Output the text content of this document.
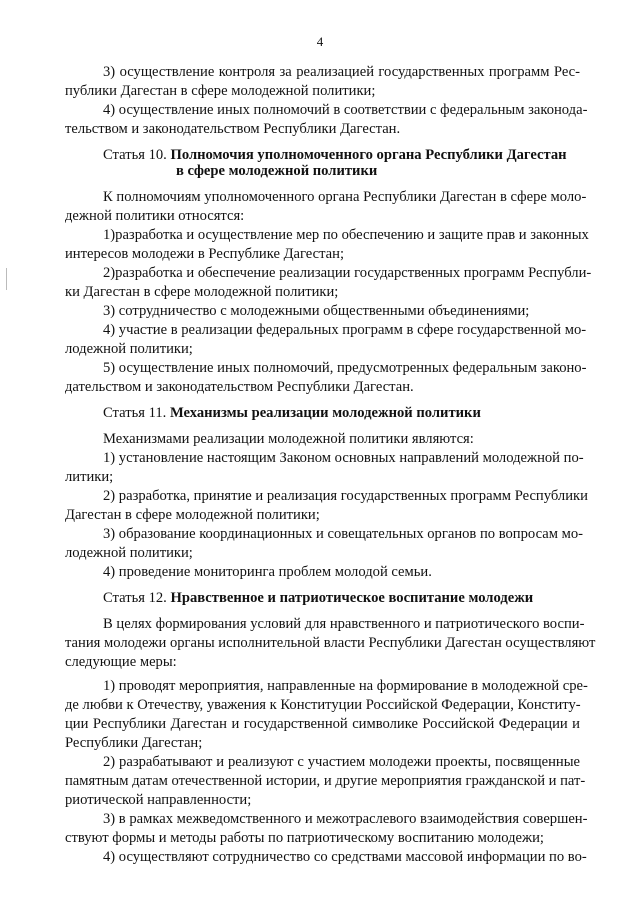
4
3) осуществление контроля за реализацией государственных программ Рес-
публики Дагестан в сфере молодежной политики;
4) осуществление иных полномочий в соответствии с федеральным законода-
тельством и законодательством Республики Дагестан.
Статья 10. Полномочия уполномоченного органа Республики Дагестан
в сфере молодежной политики
К полномочиям уполномоченного органа Республики Дагестан в сфере моло-
дежной политики относятся:
1)разработка и осуществление мер по обеспечению и защите прав и законных
интересов молодежи в Республике Дагестан;
2)разработка и обеспечение реализации государственных программ Республи-
ки Дагестан в сфере молодежной политики;
3) сотрудничество с молодежными общественными объединениями;
4) участие в реализации федеральных программ в сфере государственной мо-
лодежной политики;
5) осуществление иных полномочий, предусмотренных федеральным законо-
дательством и законодательством Республики Дагестан.
Статья 11. Механизмы реализации молодежной политики
Механизмами реализации молодежной политики являются:
1) установление настоящим Законом основных направлений молодежной по-
литики;
2) разработка, принятие и реализация государственных программ Республики
Дагестан в сфере молодежной политики;
3) образование координационных и совещательных органов по вопросам мо-
лодежной политики;
4) проведение мониторинга проблем молодой семьи.
Статья 12. Нравственное и патриотическое воспитание молодежи
В целях формирования условий для нравственного и патриотического воспи-
тания молодежи органы исполнительной власти Республики Дагестан осуществляют
следующие меры:
1) проводят мероприятия, направленные на формирование в молодежной сре-
де любви к Отечеству, уважения к Конституции Российской Федерации, Конститу-
ции Республики Дагестан и государственной символике Российской Федерации и
Республики Дагестан;
2) разрабатывают и реализуют с участием молодежи проекты, посвященные
памятным датам отечественной истории, и другие мероприятия гражданской и пат-
риотической направленности;
3) в рамках межведомственного и межотраслевого взаимодействия совершен-
ствуют формы и методы работы по патриотическому воспитанию молодежи;
4) осуществляют сотрудничество со средствами массовой информации по во-
